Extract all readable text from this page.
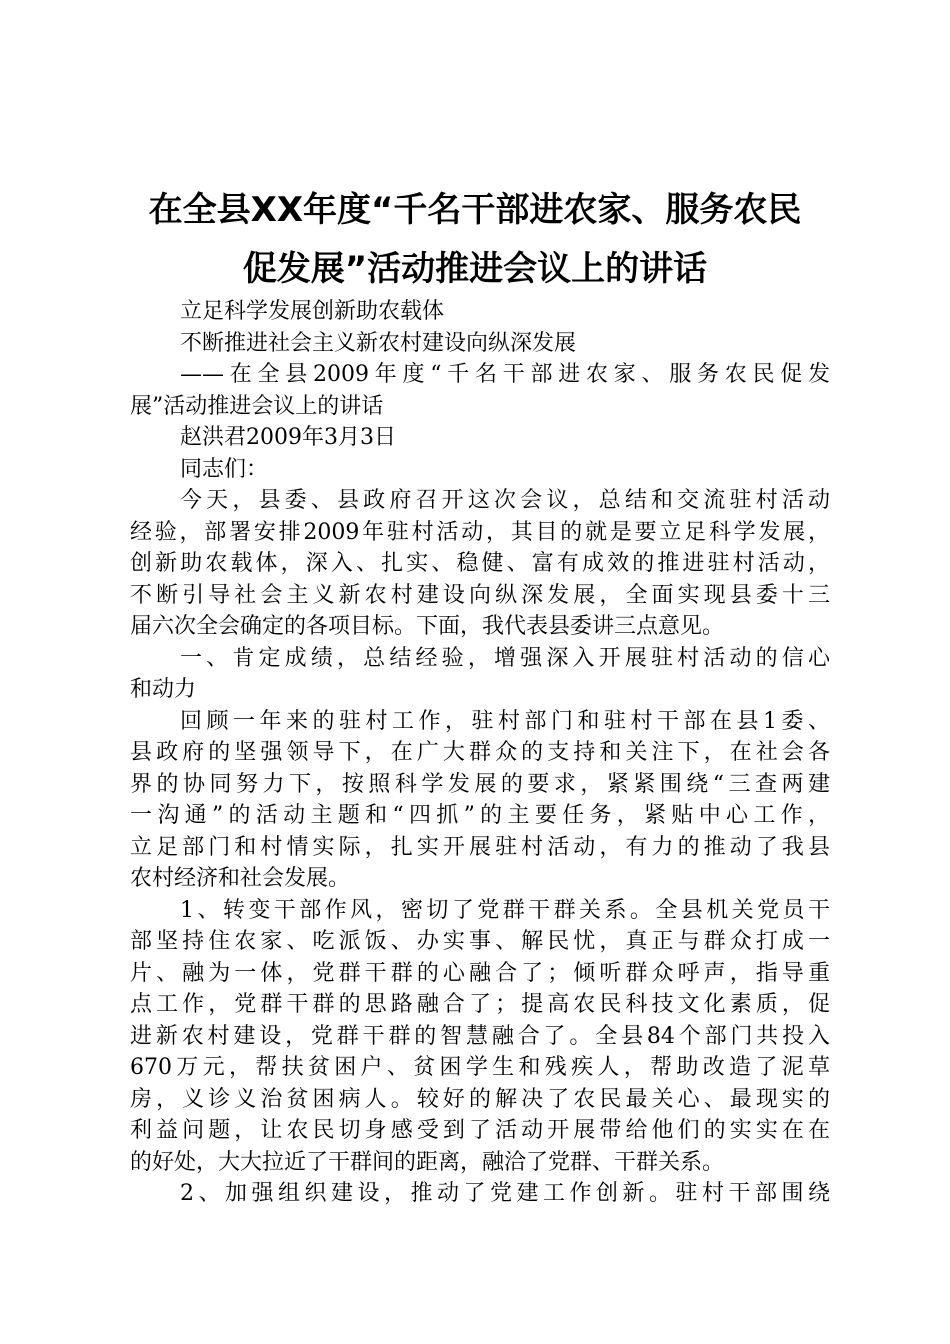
在全县XX年度“千名干部进农家、服务农民
促发展”活动推进会议上的讲话
立足科学发展创新助农载体
不断推进社会主义新农村建设向纵深发展
——在全县2009年度“千名干部进农家、服务农民促发
展”活动推进会议上的讲话
赵洪君2009年3月3日
同志们：
今天，县委、县政府召开这次会议，总结和交流驻村活动
经验，部署安排2009年驻村活动，其目的就是要立足科学发展，
创新助农载体，深入、扎实、稳健、富有成效的推进驻村活动，
不断引导社会主义新农村建设向纵深发展，全面实现县委十三
届六次全会确定的各项目标。下面，我代表县委讲三点意见。
一、肯定成绩，总结经验，增强深入开展驻村活动的信心
和动力
回顾一年来的驻村工作，驻村部门和驻村干部在县1委、
县政府的坚强领导下，在广大群众的支持和关注下，在社会各
界的协同努力下，按照科学发展的要求，紧紧围绕“三查两建
一沟通”的活动主题和“四抓”的主要任务，紧贴中心工作，
立足部门和村情实际，扎实开展驻村活动，有力的推动了我县
农村经济和社会发展。
1、转变干部作风，密切了党群干群关系。全县机关党员干
部坚持住农家、吃派饭、办实事、解民忧，真正与群众打成一
片、融为一体，党群干群的心融合了；倾听群众呼声，指导重
点工作，党群干群的思路融合了；提高农民科技文化素质，促
进新农村建设，党群干群的智慧融合了。全县84个部门共投入
670万元，帮扶贫困户、贫困学生和残疾人，帮助改造了泥草
房，义诊义治贫困病人。较好的解决了农民最关心、最现实的
利益问题，让农民切身感受到了活动开展带给他们的实实在在
的好处，大大拉近了干群间的距离，融洽了党群、干群关系。
2、加强组织建设，推动了党建工作创新。驻村干部围绕
